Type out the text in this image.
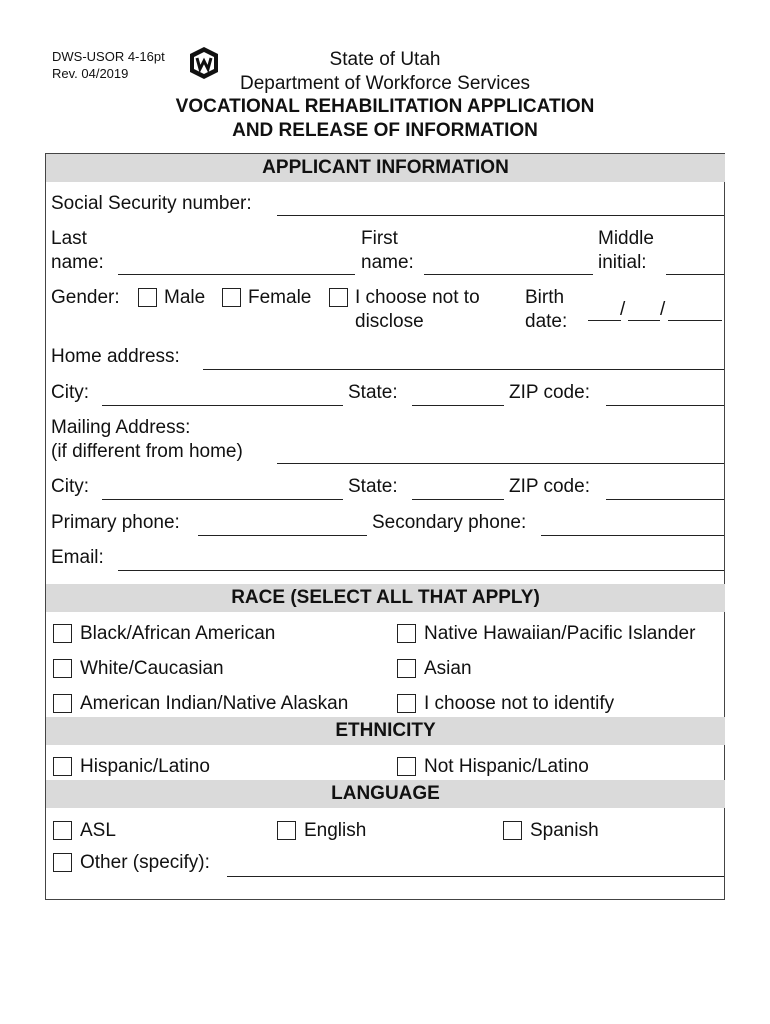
DWS-USOR 4-16pt
Rev. 04/2019
State of Utah
Department of Workforce Services
VOCATIONAL REHABILITATION APPLICATION
AND RELEASE OF INFORMATION
APPLICANT INFORMATION
Social Security number:
Last
name:
First
name:
Middle
initial:
Gender: Male Female I choose not to
disclose
Birth
date:
/ /
Home address:
City:	State:	ZIP code:
Mailing Address:
(if different from home)
City:	State:	ZIP code:
Primary phone:	Secondary phone:
Email:
RACE (SELECT ALL THAT APPLY)
Black/African American	Native Hawaiian/Pacific Islander
White/Caucasian	Asian
American Indian/Native Alaskan	I choose not to identify
ETHNICITY
Hispanic/Latino	Not Hispanic/Latino
LANGUAGE
ASL	English	Spanish
Other (specify):
